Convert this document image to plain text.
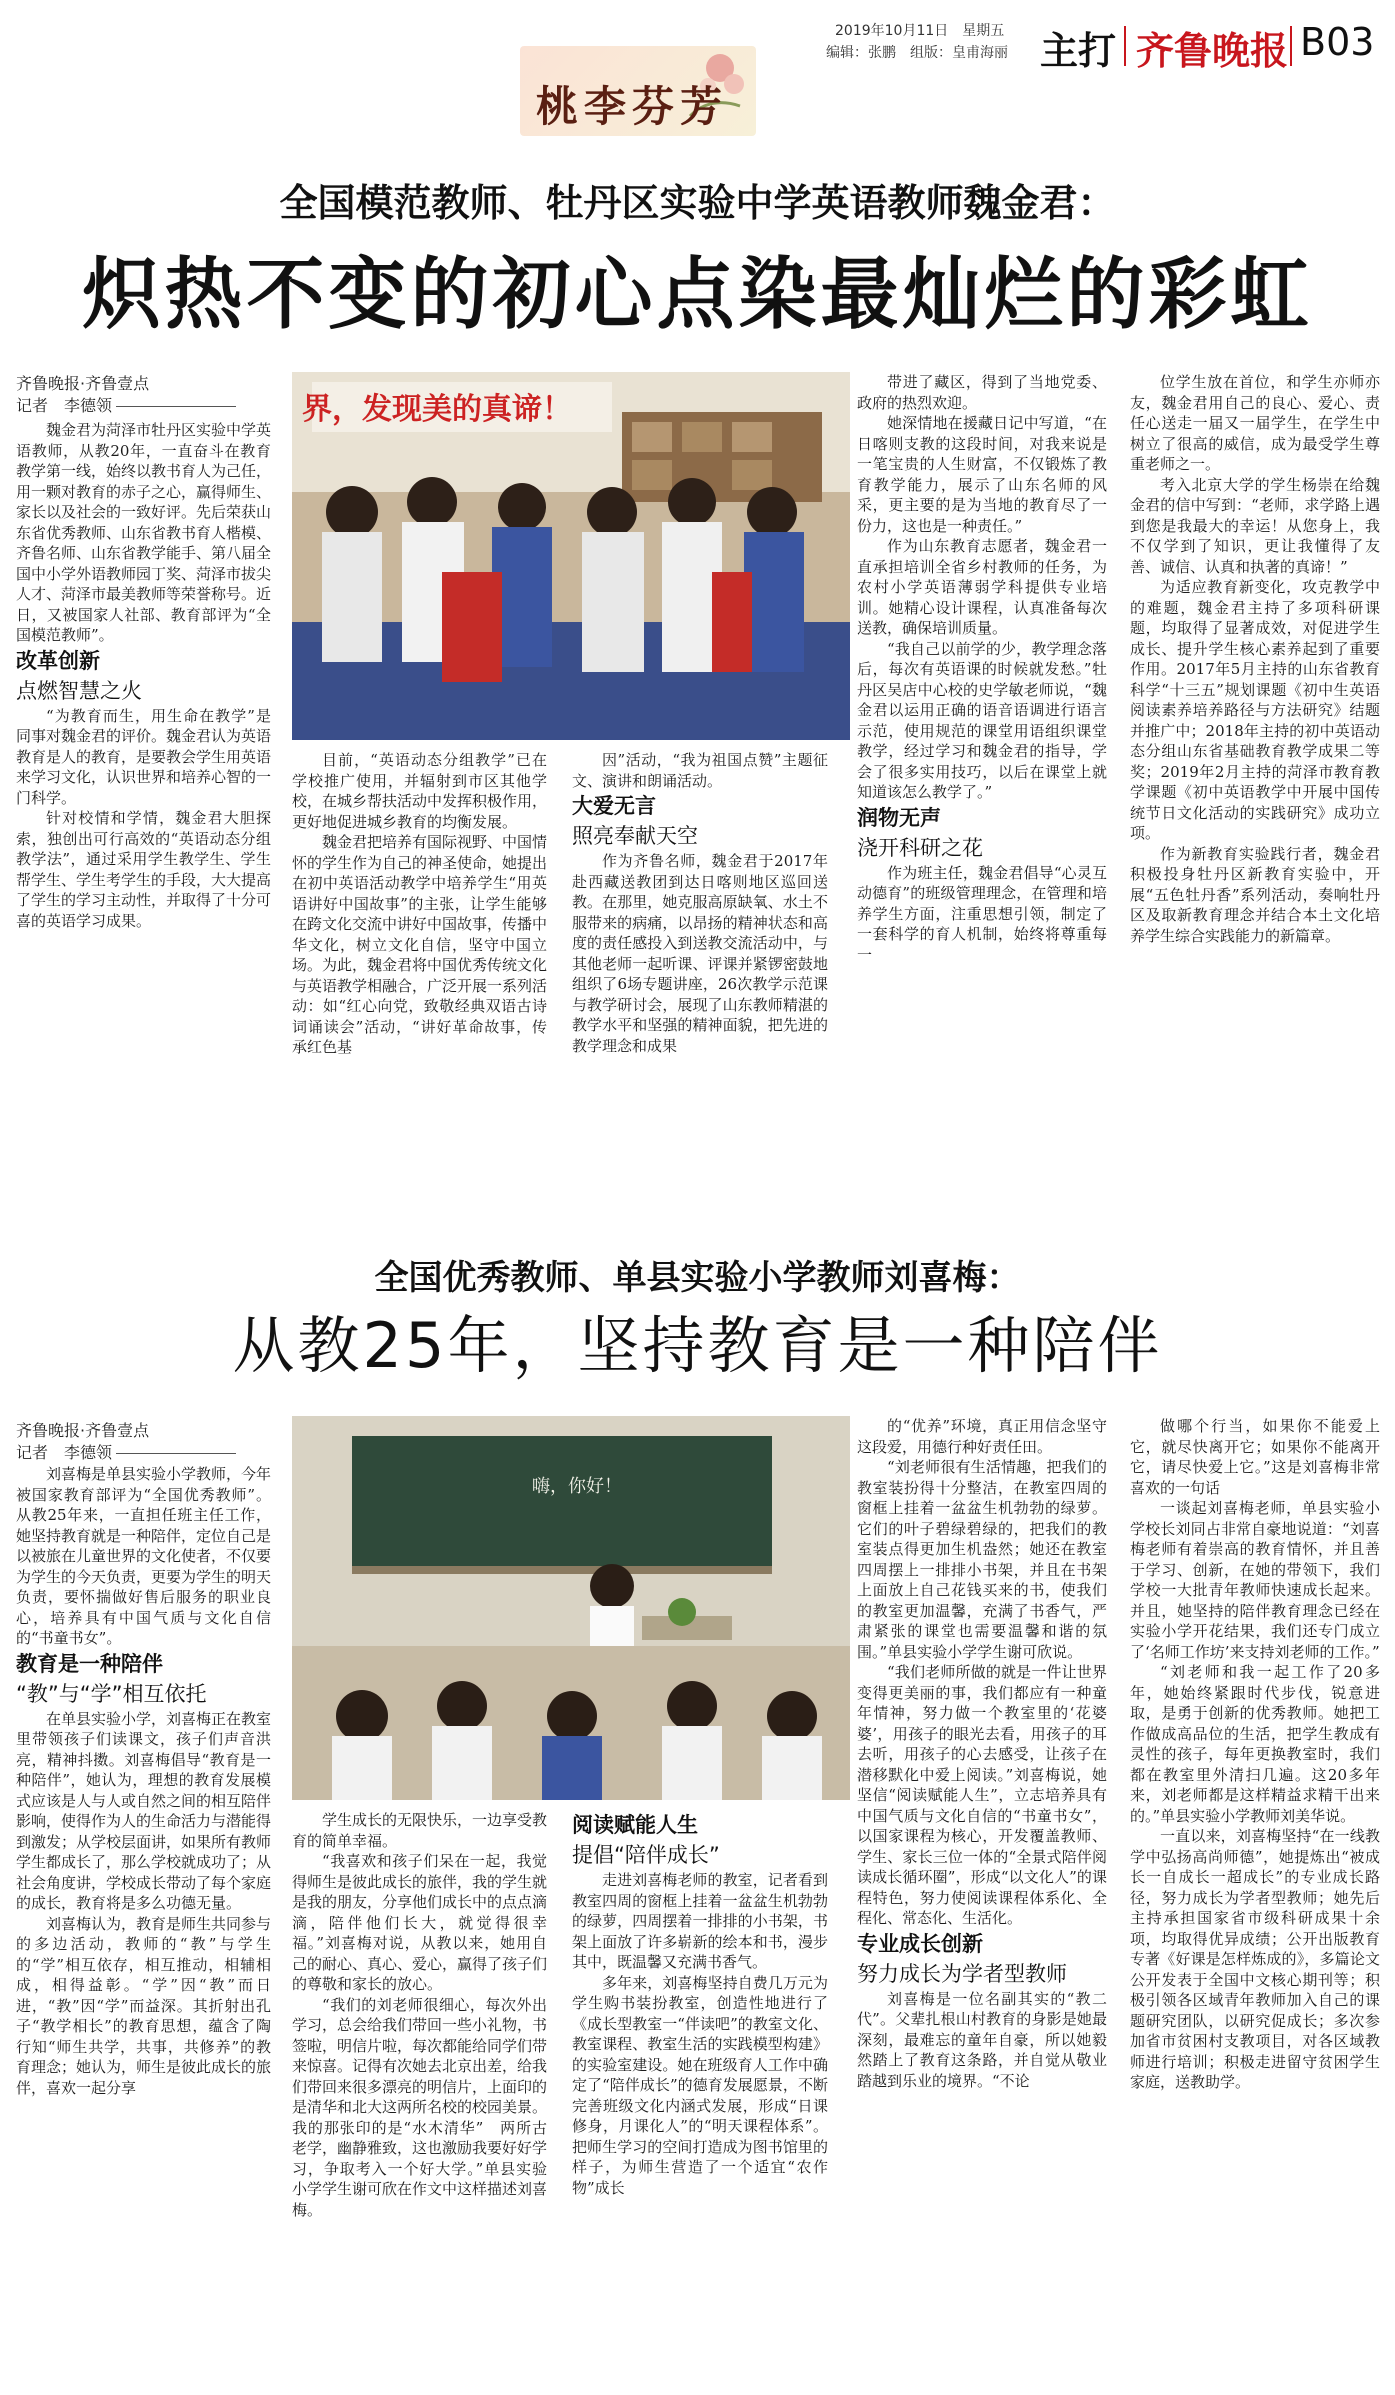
桃李芬芳
2019年10月11日　星期五
编辑：张鹏　组版：皇甫海丽 主打 齐鲁晚报 B03
全国模范教师、牡丹区实验中学英语教师魏金君：
炽热不变的初心点染最灿烂的彩虹
齐鲁晚报·齐鲁壹点
记者　李德领	界，发现美的真谛！

魏金君为菏泽市牡丹区实验中学英语教师，从教20年，一直奋斗在教育教学第一线，始终以教书育人为己任，用一颗对教育的赤子之心，赢得师生、家长以及社会的一致好评。先后荣获山东省优秀教师、山东省教书育人楷模、齐鲁名师、山东省教学能手、第八届全国中小学外语教师园丁奖、菏泽市拔尖人才、菏泽市最美教师等荣誉称号。近日，又被国家人社部、教育部评为“全国模范教师”。

改革创新

点燃智慧之火

“为教育而生，用生命在教学”是同事对魏金君的评价。魏金君认为英语教育是人的教育，是要教会学生用英语来学习文化，认识世界和培养心智的一门科学。

针对校情和学情，魏金君大胆探索，独创出可行高效的“英语动态分组教学法”，通过采用学生教学生、学生帮学生、学生考学生的手段，大大提高了学生的学习主动性，并取得了十分可喜的英语学习成果。

目前，“英语动态分组教学”已在学校推广使用，并辐射到市区其他学校，在城乡帮扶活动中发挥积极作用，更好地促进城乡教育的均衡发展。

魏金君把培养有国际视野、中国情怀的学生作为自己的神圣使命，她提出在初中英语活动教学中培养学生“用英语讲好中国故事”的主张，让学生能够在跨文化交流中讲好中国故事，传播中华文化，树立文化自信，坚守中国立场。为此，魏金君将中国优秀传统文化与英语教学相融合，广泛开展一系列活动：如“红心向党，致敬经典双语古诗词诵读会”活动，“讲好革命故事，传承红色基

因”活动，“我为祖国点赞”主题征文、演讲和朗诵活动。

大爱无言

照亮奉献天空

作为齐鲁名师，魏金君于2017年赴西藏送教团到达日喀则地区巡回送教。在那里，她克服高原缺氧、水土不服带来的病痛，以昂扬的精神状态和高度的责任感投入到送教交流活动中，与其他老师一起听课、评课并紧锣密鼓地组织了6场专题讲座，26次教学示范课与教学研讨会，展现了山东教师精湛的教学水平和坚强的精神面貌，把先进的教学理念和成果

带进了藏区，得到了当地党委、政府的热烈欢迎。

她深情地在援藏日记中写道，“在日喀则支教的这段时间，对我来说是一笔宝贵的人生财富，不仅锻炼了教育教学能力，展示了山东名师的风采，更主要的是为当地的教育尽了一份力，这也是一种责任。”

作为山东教育志愿者，魏金君一直承担培训全省乡村教师的任务，为农村小学英语薄弱学科提供专业培训。她精心设计课程，认真准备每次送教，确保培训质量。

“我自己以前学的少，教学理念落后，每次有英语课的时候就发愁。”牡丹区吴店中心校的史学敏老师说，“魏金君以运用正确的语音语调进行语言示范，使用规范的课堂用语组织课堂教学，经过学习和魏金君的指导，学会了很多实用技巧，以后在课堂上就知道该怎么教学了。”

润物无声

浇开科研之花

作为班主任，魏金君倡导“心灵互动德育”的班级管理理念，在管理和培养学生方面，注重思想引领，制定了一套科学的育人机制，始终将尊重每一

位学生放在首位，和学生亦师亦友，魏金君用自己的良心、爱心、责任心送走一届又一届学生，在学生中树立了很高的威信，成为最受学生尊重老师之一。

考入北京大学的学生杨崇在给魏金君的信中写到：“老师，求学路上遇到您是我最大的幸运！从您身上，我不仅学到了知识，更让我懂得了友善、诚信、认真和执著的真谛！”

为适应教育新变化，攻克教学中的难题，魏金君主持了多项科研课题，均取得了显著成效，对促进学生成长、提升学生核心素养起到了重要作用。2017年5月主持的山东省教育科学“十三五”规划课题《初中生英语阅读素养培养路径与方法研究》结题并推广中；2018年主持的初中英语动态分组山东省基础教育教学成果二等奖；2019年2月主持的菏泽市教育教学课题《初中英语教学中开展中国传统节日文化活动的实践研究》成功立项。

作为新教育实验践行者，魏金君积极投身牡丹区新教育实验中，开展“五色牡丹香”系列活动，奏响牡丹区及取新教育理念并结合本土文化培养学生综合实践能力的新篇章。

全国优秀教师、单县实验小学教师刘喜梅：
从教25年，坚持教育是一种陪伴
齐鲁晚报·齐鲁壹点
记者　李德领
嗨，你好！

刘喜梅是单县实验小学教师，今年被国家教育部评为“全国优秀教师”。从教25年来，一直担任班主任工作，她坚持教育就是一种陪伴，定位自己是以被旅在儿童世界的文化使者，不仅要为学生的今天负责，更要为学生的明天负责，要怀揣做好售后服务的职业良心，培养具有中国气质与文化自信的“书童书女”。

教育是一种陪伴

“教”与“学”相互依托

在单县实验小学，刘喜梅正在教室里带领孩子们读课文，孩子们声音洪亮，精神抖擞。刘喜梅倡导“教育是一种陪伴”，她认为，理想的教育发展模式应该是人与人或自然之间的相互陪伴影响，使得作为人的生命活力与潜能得到激发；从学校层面讲，如果所有教师学生都成长了，那么学校就成功了；从社会角度讲，学校成长带动了每个家庭的成长，教育将是多么功德无量。

刘喜梅认为，教育是师生共同参与的多边活动，教师的“教”与学生的“学”相互依存，相互推动，相辅相成，相得益彰。“学”因“教”而日进，“教”因“学”而益深。其折射出孔子“教学相长”的教育思想，蕴含了陶行知“师生共学，共事，共修养”的教育理念；她认为，师生是彼此成长的旅伴，喜欢一起分享

学生成长的无限快乐，一边享受教育的简单幸福。

“我喜欢和孩子们呆在一起，我觉得师生是彼此成长的旅伴，我的学生就是我的朋友，分享他们成长中的点点滴滴，陪伴他们长大，就觉得很幸福。”刘喜梅对说，从教以来，她用自己的耐心、真心、爱心，赢得了孩子们的尊敬和家长的放心。

“我们的刘老师很细心，每次外出学习，总会给我们带回一些小礼物，书签啦，明信片啦，每次都能给同学们带来惊喜。记得有次她去北京出差，给我们带回来很多漂亮的明信片，上面印的是清华和北大这两所名校的校园美景。我的那张印的是“水木清华”　两所古老学，幽静雅致，这也激励我要好好学习，争取考入一个好大学。”单县实验小学学生谢可欣在作文中这样描述刘喜梅。

阅读赋能人生

提倡“陪伴成长”

走进刘喜梅老师的教室，记者看到教室四周的窗框上挂着一盆盆生机勃勃的绿萝，四周摆着一排排的小书架，书架上面放了许多崭新的绘本和书，漫步其中，既温馨又充满书香气。

多年来，刘喜梅坚持自费几万元为学生购书装扮教室，创造性地进行了《成长型教室一“伴读吧”的教室文化、教室课程、教室生活的实践模型构建》的实验室建设。她在班级育人工作中确定了“陪伴成长”的德育发展愿景，不断完善班级文化内涵式发展，形成“日课修身，月课化人”的“明天课程体系”。把师生学习的空间打造成为图书馆里的样子，为师生营造了一个适宜“农作物”成长

的“优养”环境，真正用信念坚守这段爱，用德行种好责任田。

“刘老师很有生活情趣，把我们的教室装扮得十分整洁，在教室四周的窗框上挂着一盆盆生机勃勃的绿萝。它们的叶子碧绿碧绿的，把我们的教室装点得更加生机盎然；她还在教室四周摆上一排排小书架，并且在书架上面放上自己花钱买来的书，使我们的教室更加温馨，充满了书香气，严肃紧张的课堂也需要温馨和谐的氛围。”单县实验小学学生谢可欣说。

“我们老师所做的就是一件让世界变得更美丽的事，我们都应有一种童年情神，努力做一个教室里的‘花婆婆’，用孩子的眼光去看，用孩子的耳去听，用孩子的心去感受，让孩子在潜移默化中爱上阅读。”刘喜梅说，她坚信“阅读赋能人生”，立志培养具有中国气质与文化自信的“书童书女”，以国家课程为核心，开发覆盖教师、学生、家长三位一体的“全景式陪伴阅读成长循环圈”，形成“以文化人”的课程特色，努力使阅读课程体系化、全程化、常态化、生活化。

专业成长创新

努力成长为学者型教师

刘喜梅是一位名副其实的“教二代”。父辈扎根山村教育的身影是她最深刻，最难忘的童年自豪，所以她毅然踏上了教育这条路，并自觉从敬业踏越到乐业的境界。“不论

做哪个行当，如果你不能爱上它，就尽快离开它；如果你不能离开它，请尽快爱上它。”这是刘喜梅非常喜欢的一句话

一谈起刘喜梅老师，单县实验小学校长刘同占非常自豪地说道：“刘喜梅老师有着崇高的教育情怀，并且善于学习、创新，在她的带领下，我们学校一大批青年教师快速成长起来。并且，她坚持的陪伴教育理念已经在实验小学开花结果，我们还专门成立了‘名师工作坊’来支持刘老师的工作。”

“刘老师和我一起工作了20多年，她始终紧跟时代步伐，锐意进取，是勇于创新的优秀教师。她把工作做成高品位的生活，把学生教成有灵性的孩子，每年更换教室时，我们都在教室里外清扫几遍。这20多年来，刘老师都是这样精益求精干出来的。”单县实验小学教师刘美华说。

一直以来，刘喜梅坚持“在一线教学中弘扬高尚师德”，她提炼出“被成长一自成长一超成长”的专业成长路径，努力成长为学者型教师；她先后主持承担国家省市级科研成果十余项，均取得优异成绩；公开出版教育专著《好课是怎样炼成的》，多篇论文公开发表于全国中文核心期刊等；积极引领各区域青年教师加入自己的课题研究团队，以研究促成长；多次参加省市贫困村支教项目，对各区域教师进行培训；积极走进留守贫困学生家庭，送教助学。
